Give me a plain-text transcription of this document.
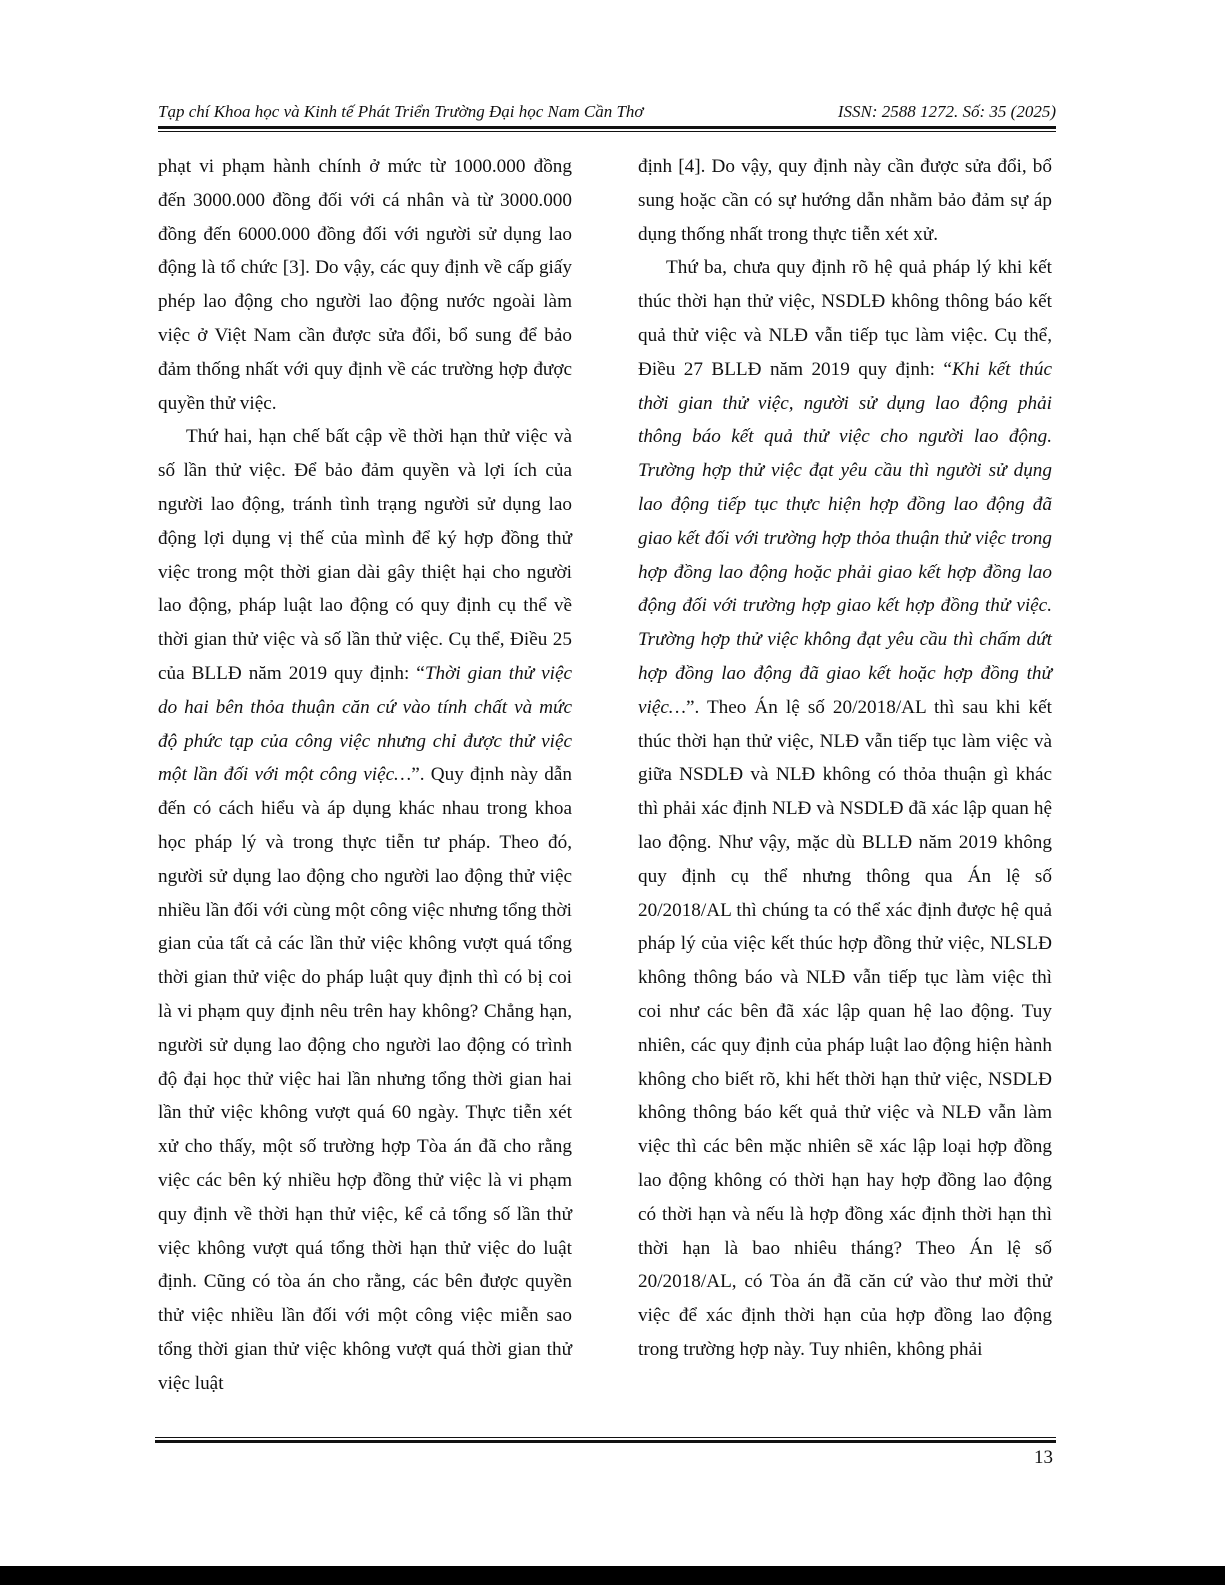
Tạp chí Khoa học và Kinh tế Phát Triển Trường Đại học Nam Cần Thơ	ISSN: 2588 1272. Số: 35 (2025)

phạt vi phạm hành chính ở mức từ 1000.000 đồng đến 3000.000 đồng đối với cá nhân và từ 3000.000 đồng đến 6000.000 đồng đối với người sử dụng lao động là tổ chức [3]. Do vậy, các quy định về cấp giấy phép lao động cho người lao động nước ngoài làm việc ở Việt Nam cần được sửa đổi, bổ sung để bảo đảm thống nhất với quy định về các trường hợp được quyền thử việc.

Thứ hai, hạn chế bất cập về thời hạn thử việc và số lần thử việc. Để bảo đảm quyền và lợi ích của người lao động, tránh tình trạng người sử dụng lao động lợi dụng vị thế của mình để ký hợp đồng thử việc trong một thời gian dài gây thiệt hại cho người lao động, pháp luật lao động có quy định cụ thể về thời gian thử việc và số lần thử việc. Cụ thể, Điều 25 của BLLĐ năm 2019 quy định: “Thời gian thử việc do hai bên thỏa thuận căn cứ vào tính chất và mức độ phức tạp của công việc nhưng chỉ được thử việc một lần đối với một công việc…”. Quy định này dẫn đến có cách hiểu và áp dụng khác nhau trong khoa học pháp lý và trong thực tiễn tư pháp. Theo đó, người sử dụng lao động cho người lao động thử việc nhiều lần đối với cùng một công việc nhưng tổng thời gian của tất cả các lần thử việc không vượt quá tổng thời gian thử việc do pháp luật quy định thì có bị coi là vi phạm quy định nêu trên hay không? Chẳng hạn, người sử dụng lao động cho người lao động có trình độ đại học thử việc hai lần nhưng tổng thời gian hai lần thử việc không vượt quá 60 ngày. Thực tiễn xét xử cho thấy, một số trường hợp Tòa án đã cho rằng việc các bên ký nhiều hợp đồng thử việc là vi phạm quy định về thời hạn thử việc, kể cả tổng số lần thử việc không vượt quá tổng thời hạn thử việc do luật định. Cũng có tòa án cho rằng, các bên được quyền thử việc nhiều lần đối với một công việc miễn sao tổng thời gian thử việc không vượt quá thời gian thử việc luật

định [4]. Do vậy, quy định này cần được sửa đổi, bổ sung hoặc cần có sự hướng dẫn nhằm bảo đảm sự áp dụng thống nhất trong thực tiễn xét xử.

Thứ ba, chưa quy định rõ hệ quả pháp lý khi kết thúc thời hạn thử việc, NSDLĐ không thông báo kết quả thử việc và NLĐ vẫn tiếp tục làm việc. Cụ thể, Điều 27 BLLĐ năm 2019 quy định: “Khi kết thúc thời gian thử việc, người sử dụng lao động phải thông báo kết quả thử việc cho người lao động. Trường hợp thử việc đạt yêu cầu thì người sử dụng lao động tiếp tục thực hiện hợp đồng lao động đã giao kết đối với trường hợp thỏa thuận thử việc trong hợp đồng lao động hoặc phải giao kết hợp đồng lao động đối với trường hợp giao kết hợp đồng thử việc. Trường hợp thử việc không đạt yêu cầu thì chấm dứt hợp đồng lao động đã giao kết hoặc hợp đồng thử việc…”. Theo Án lệ số 20/2018/AL thì sau khi kết thúc thời hạn thử việc, NLĐ vẫn tiếp tục làm việc và giữa NSDLĐ và NLĐ không có thỏa thuận gì khác thì phải xác định NLĐ và NSDLĐ đã xác lập quan hệ lao động. Như vậy, mặc dù BLLĐ năm 2019 không quy định cụ thể nhưng thông qua Án lệ số 20/2018/AL thì chúng ta có thể xác định được hệ quả pháp lý của việc kết thúc hợp đồng thử việc, NLSLĐ không thông báo và NLĐ vẫn tiếp tục làm việc thì coi như các bên đã xác lập quan hệ lao động. Tuy nhiên, các quy định của pháp luật lao động hiện hành không cho biết rõ, khi hết thời hạn thử việc, NSDLĐ không thông báo kết quả thử việc và NLĐ vẫn làm việc thì các bên mặc nhiên sẽ xác lập loại hợp đồng lao động không có thời hạn hay hợp đồng lao động có thời hạn và nếu là hợp đồng xác định thời hạn thì thời hạn là bao nhiêu tháng? Theo Án lệ số 20/2018/AL, có Tòa án đã căn cứ vào thư mời thử việc để xác định thời hạn của hợp đồng lao động trong trường hợp này. Tuy nhiên, không phải

13
